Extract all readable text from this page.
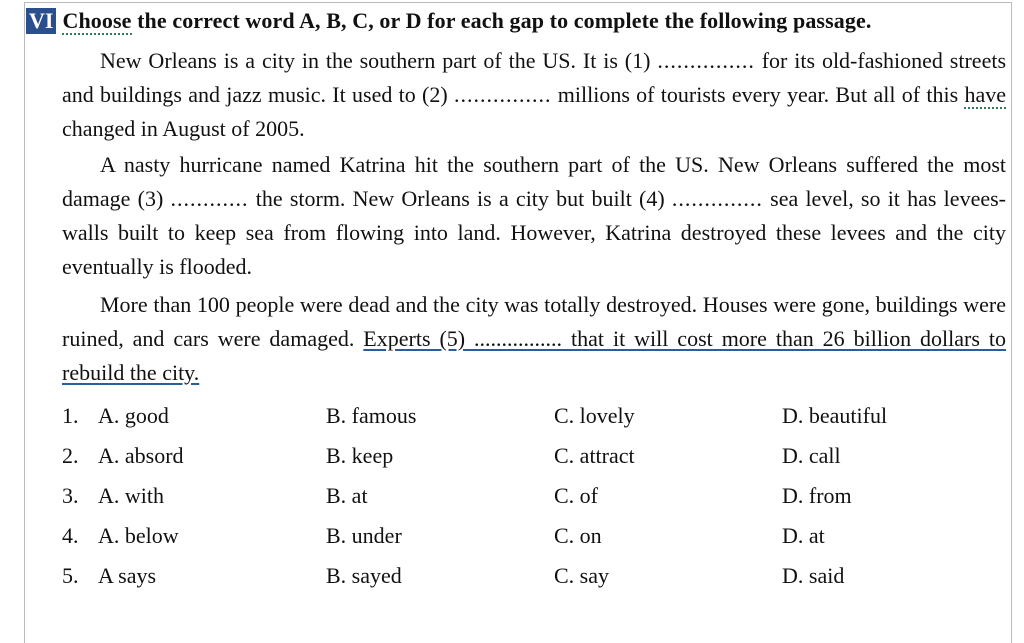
VI Choose the correct word A, B, C, or D for each gap to complete the following passage.

New Orleans is a city in the southern part of the US. It is (1) ............... for its old-fashioned streets and buildings and jazz music. It used to (2) ............... millions of tourists every year. But all of this have changed in August of 2005.

A nasty hurricane named Katrina hit the southern part of the US. New Orleans suffered the most damage (3) ............ the storm. New Orleans is a city but built (4) .............. sea level, so it has levees-walls built to keep sea from flowing into land. However, Katrina destroyed these levees and the city eventually is flooded.

More than 100 people were dead and the city was totally destroyed. Houses were gone, buildings were ruined, and cars were damaged. Experts (5) ................ that it will cost more than 26 billion dollars to rebuild the city.

1. A. good	B. famous	C. lovely	D. beautiful
2. A. absord	B. keep	C. attract	D. call
3. A. with	B. at	C. of	D. from
4. A. below	B. under	C. on	D. at
5. A says	B. sayed	C. say	D. said
